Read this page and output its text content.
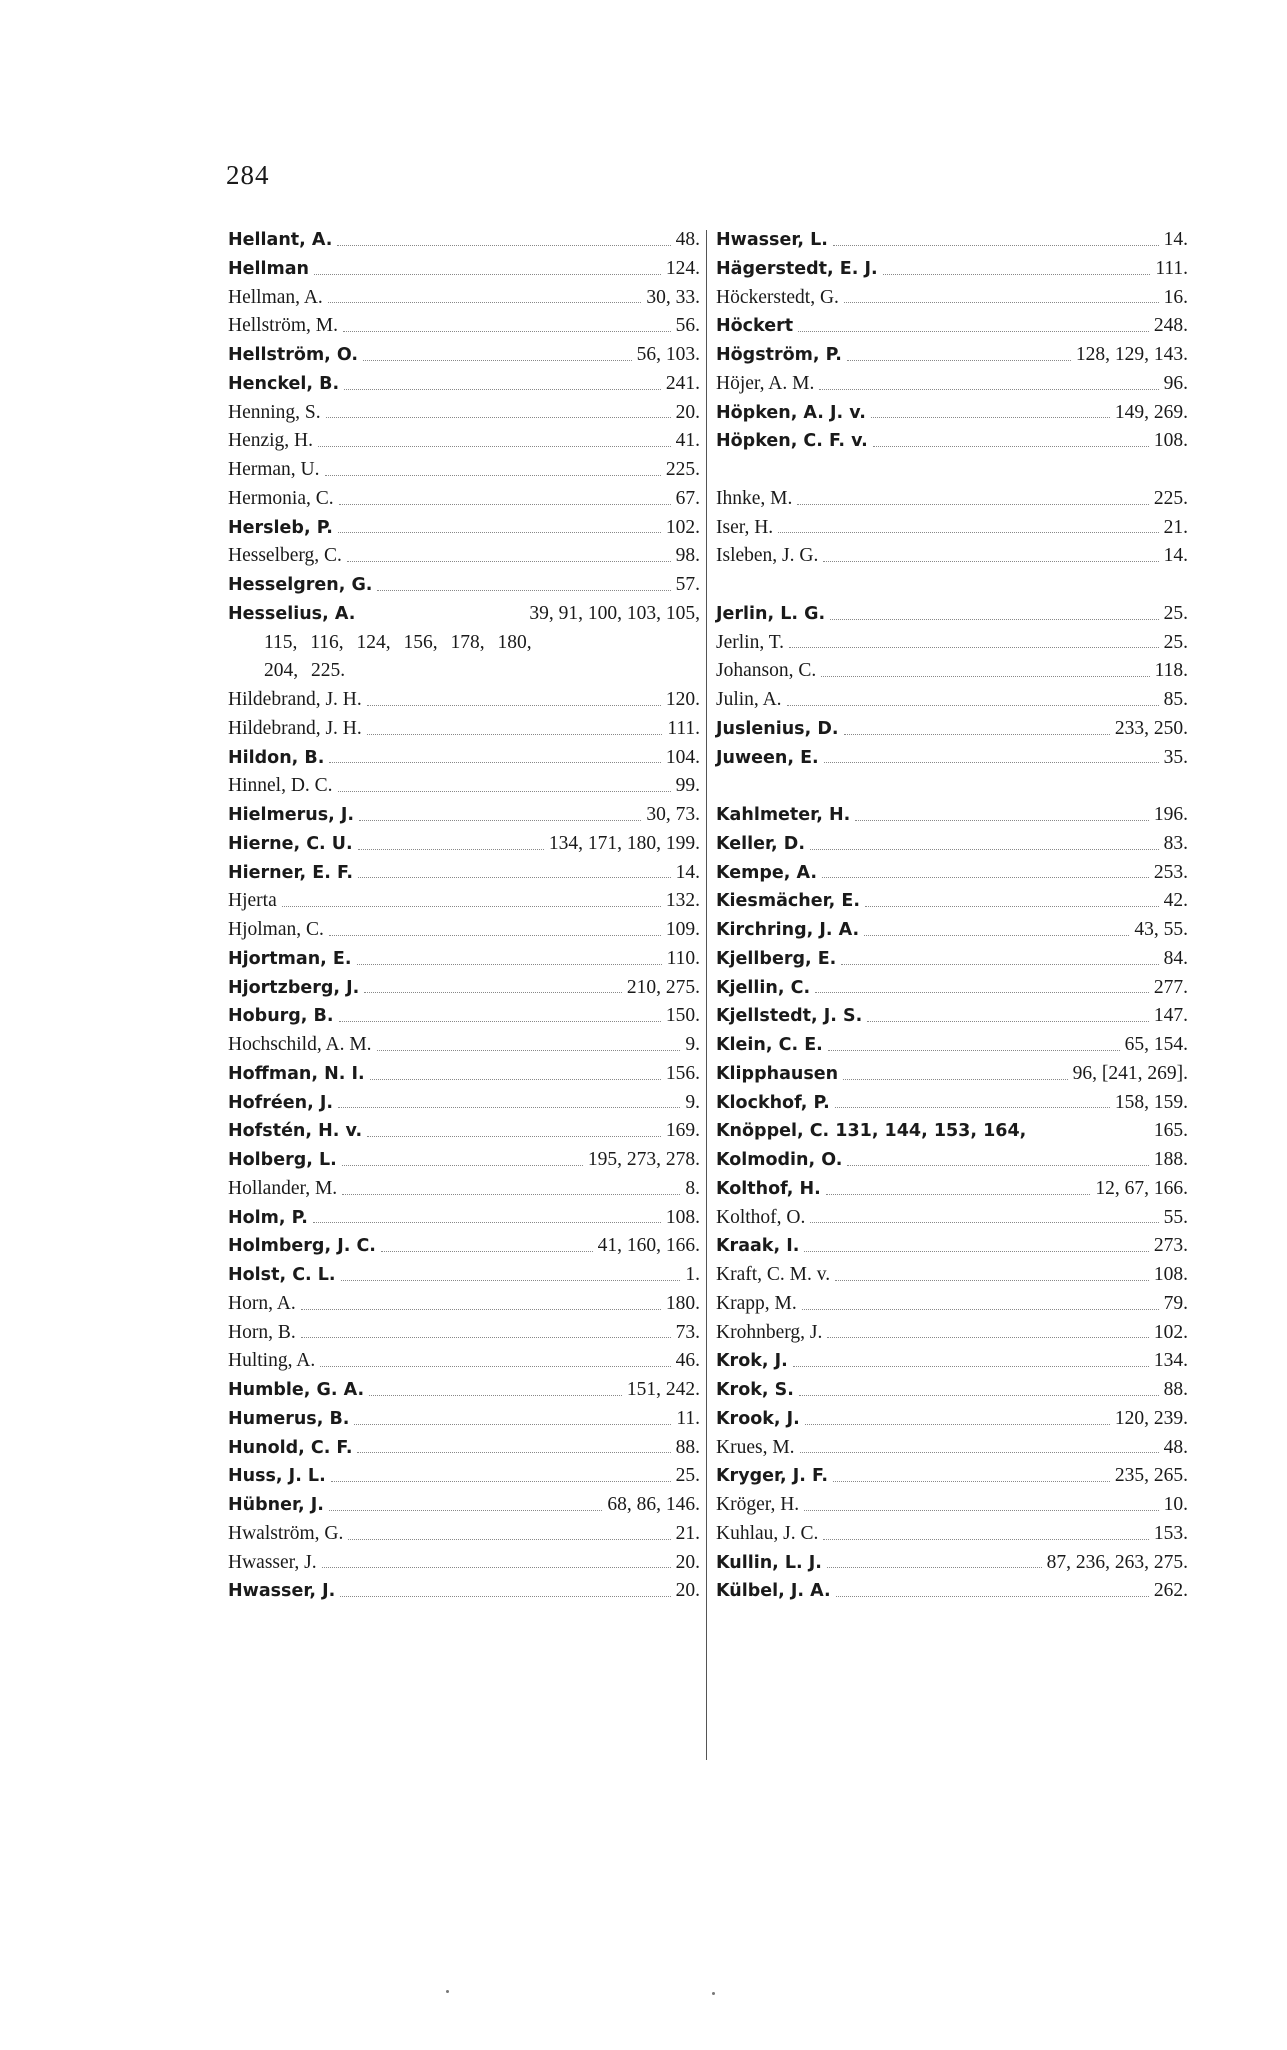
284
Hellant, A.	48.
Hellman	124.
Hellman, A.	30, 33.
Hellström, M.	56.
Hellström, O.	56, 103.
Henckel, B.	241.
Henning, S.	20.
Henzig, H.	41.
Herman, U.	225.
Hermonia, C.	67.
Hersleb, P.	102.
Hesselberg, C.	98.
Hesselgren, G.	57.
Hesselius, A.	39, 91, 100, 103, 105,
115, 116, 124, 156, 178, 180,
204, 225.
Hildebrand, J. H.	120.
Hildebrand, J. H.	111.
Hildon, B.	104.
Hinnel, D. C.	99.
Hielmerus, J.	30, 73.
Hierne, C. U.	134, 171, 180, 199.
Hierner, E. F.	14.
Hjerta	132.
Hjolman, C.	109.
Hjortman, E.	110.
Hjortzberg, J.	210, 275.
Hoburg, B.	150.
Hochschild, A. M.	9.
Hoffman, N. I.	156.
Hofréen, J.	9.
Hofstén, H. v.	169.
Holberg, L.	195, 273, 278.
Hollander, M.	8.
Holm, P.	108.
Holmberg, J. C.	41, 160, 166.
Holst, C. L.	1.
Horn, A.	180.
Horn, B.	73.
Hulting, A.	46.
Humble, G. A.	151, 242.
Humerus, B.	11.
Hunold, C. F.	88.
Huss, J. L.	25.
Hübner, J.	68, 86, 146.
Hwalström, G.	21.
Hwasser, J.	20.
Hwasser, J.	20.
Hwasser, L.	14.
Hägerstedt, E. J.	111.
Höckerstedt, G.	16.
Höckert	248.
Högström, P.	128, 129, 143.
Höjer, A. M.	96.
Höpken, A. J. v.	149, 269.
Höpken, C. F. v.	108.
Ihnke, M.	225.
Iser, H.	21.
Isleben, J. G.	14.
Jerlin, L. G.	25.
Jerlin, T.	25.
Johanson, C.	118.
Julin, A.	85.
Juslenius, D.	233, 250.
Juween, E.	35.
Kahlmeter, H.	196.
Keller, D.	83.
Kempe, A.	253.
Kiesmächer, E.	42.
Kirchring, J. A.	43, 55.
Kjellberg, E.	84.
Kjellin, C.	277.
Kjellstedt, J. S.	147.
Klein, C. E.	65, 154.
Klipphausen	96, [241, 269].
Klockhof, P.	158, 159.
Knöppel, C. 131, 144, 153, 164,	165.
Kolmodin, O.	188.
Kolthof, H.	12, 67, 166.
Kolthof, O.	55.
Kraak, I.	273.
Kraft, C. M. v.	108.
Krapp, M.	79.
Krohnberg, J.	102.
Krok, J.	134.
Krok, S.	88.
Krook, J.	120, 239.
Krues, M.	48.
Kryger, J. F.	235, 265.
Kröger, H.	10.
Kuhlau, J. C.	153.
Kullin, L. J.	87, 236, 263, 275.
Külbel, J. A.	262.
